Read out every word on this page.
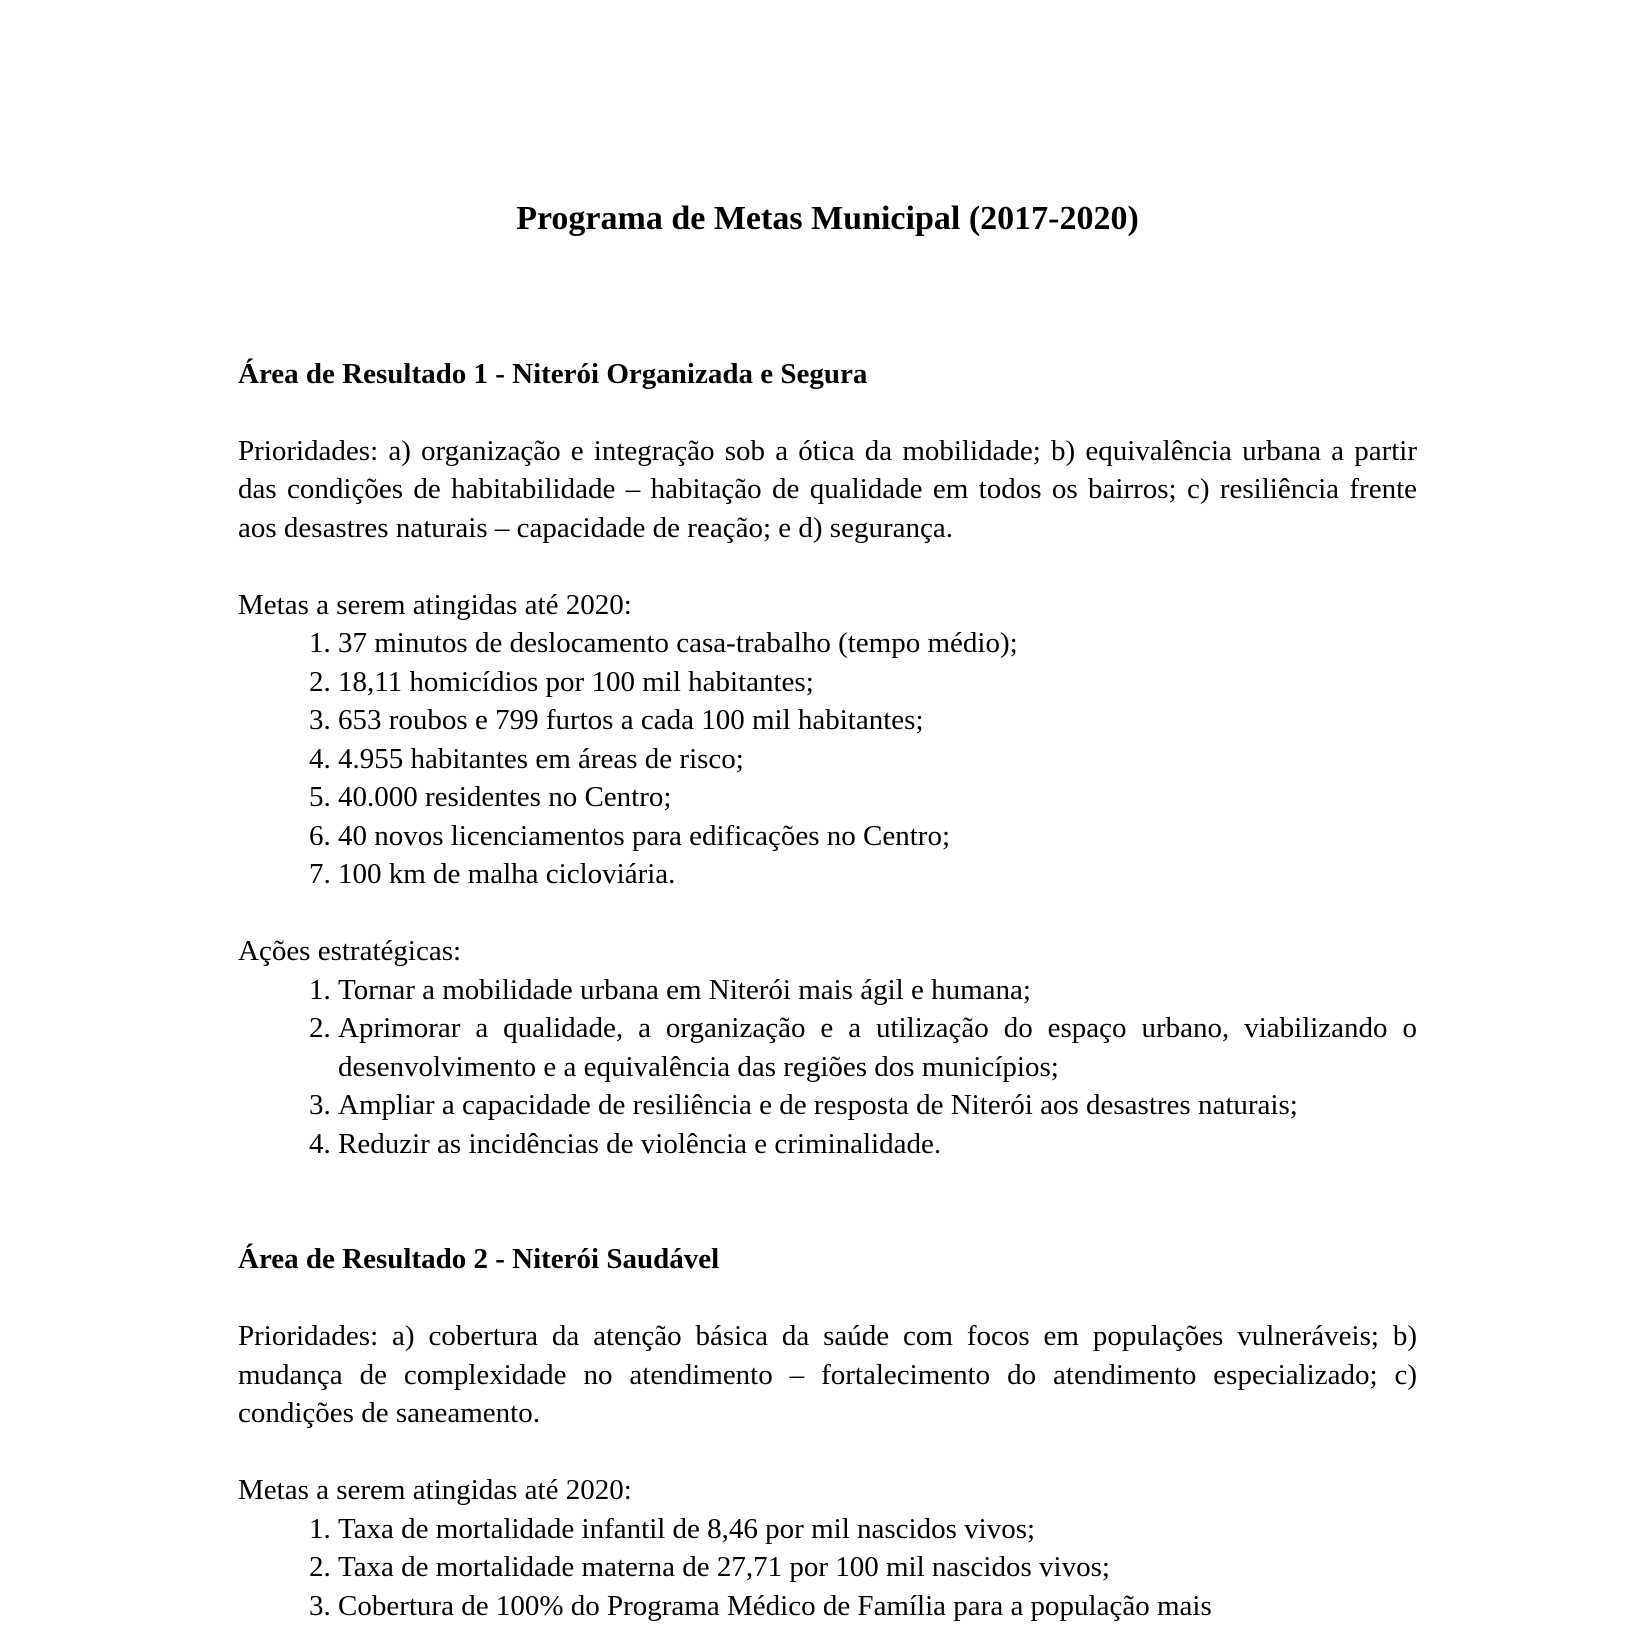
Programa de Metas Municipal (2017-2020)

Área de Resultado 1 - Niterói Organizada e Segura

Prioridades: a) organização e integração sob a ótica da mobilidade; b) equivalência urbana a partir das condições de habitabilidade – habitação de qualidade em todos os bairros; c) resiliência frente aos desastres naturais – capacidade de reação; e d) segurança.

Metas a serem atingidas até 2020:

1. 37 minutos de deslocamento casa-trabalho (tempo médio);
2. 18,11 homicídios por 100 mil habitantes;
3. 653 roubos e 799 furtos a cada 100 mil habitantes;
4. 4.955 habitantes em áreas de risco;
5. 40.000 residentes no Centro;
6. 40 novos licenciamentos para edificações no Centro;
7. 100 km de malha cicloviária.

Ações estratégicas:

1. Tornar a mobilidade urbana em Niterói mais ágil e humana;
2. Aprimorar a qualidade, a organização e a utilização do espaço urbano, viabilizando o desenvolvimento e a equivalência das regiões dos municípios;
3. Ampliar a capacidade de resiliência e de resposta de Niterói aos desastres naturais;
4. Reduzir as incidências de violência e criminalidade.

Área de Resultado 2 - Niterói Saudável

Prioridades: a) cobertura da atenção básica da saúde com focos em populações vulneráveis; b) mudança de complexidade no atendimento – fortalecimento do atendimento especializado; c) condições de saneamento.

Metas a serem atingidas até 2020:

1. Taxa de mortalidade infantil de 8,46 por mil nascidos vivos;
2. Taxa de mortalidade materna de 27,71 por 100 mil nascidos vivos;
3. Cobertura de 100% do Programa Médico de Família para a população mais
